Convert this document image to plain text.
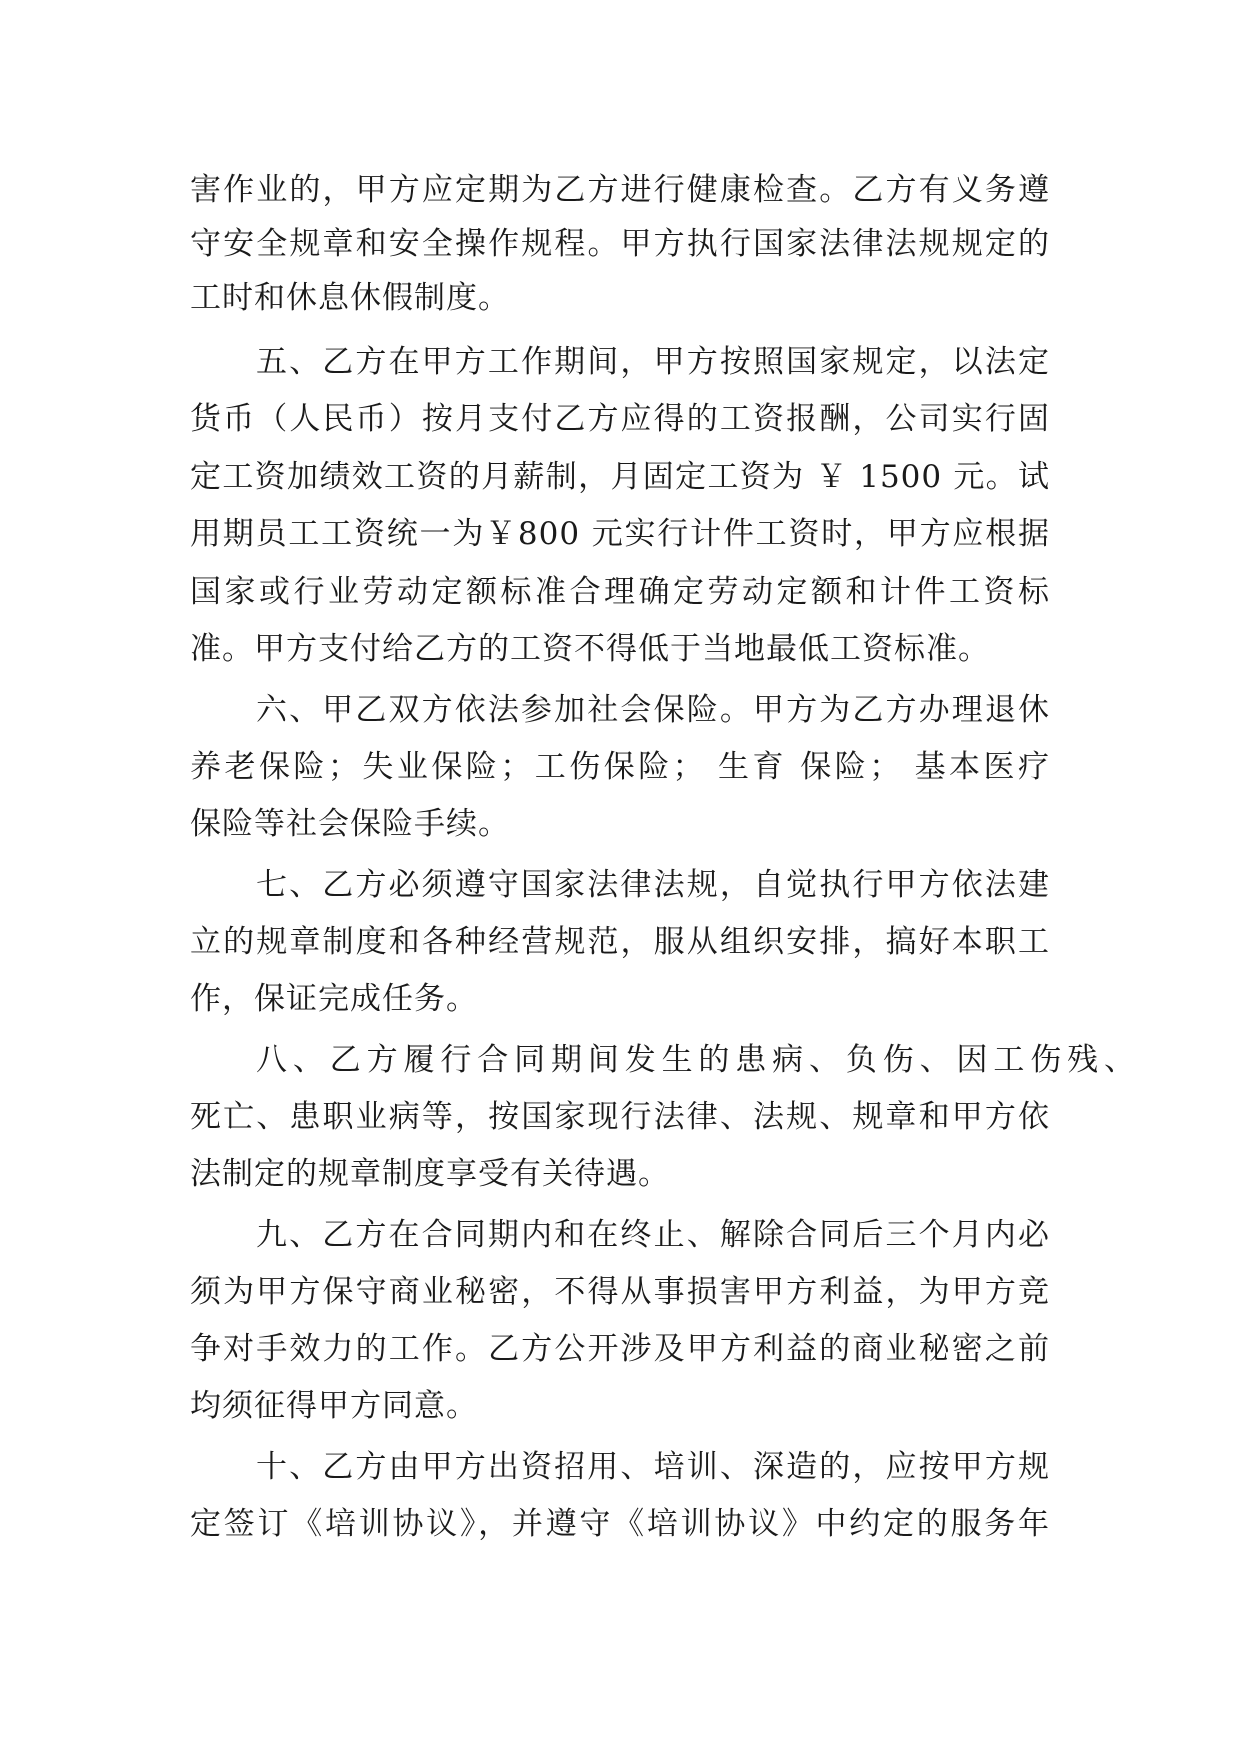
害作业的，甲方应定期为乙方进行健康检查。乙方有义务遵
守安全规章和安全操作规程。甲方执行国家法律法规规定的
工时和休息休假制度。
五、乙方在甲方工作期间，甲方按照国家规定，以法定
货币（人民币）按月支付乙方应得的工资报酬，公司实行固
定工资加绩效工资的月薪制，月固定工资为 ￥ 1500 元。试
用期员工工资统一为￥800 元实行计件工资时，甲方应根据
国家或行业劳动定额标准合理确定劳动定额和计件工资标
准。甲方支付给乙方的工资不得低于当地最低工资标准。
六、甲乙双方依法参加社会保险。甲方为乙方办理退休
养老保险；失业保险；工伤保险； 生育 保险； 基本医疗
保险等社会保险手续。
七、乙方必须遵守国家法律法规，自觉执行甲方依法建
立的规章制度和各种经营规范，服从组织安排，搞好本职工
作，保证完成任务。
八、乙方履行合同期间发生的患病、负伤、因工伤残、
死亡、患职业病等，按国家现行法律、法规、规章和甲方依
法制定的规章制度享受有关待遇。
九、乙方在合同期内和在终止、解除合同后三个月内必
须为甲方保守商业秘密，不得从事损害甲方利益，为甲方竞
争对手效力的工作。乙方公开涉及甲方利益的商业秘密之前
均须征得甲方同意。
十、乙方由甲方出资招用、培训、深造的，应按甲方规
定签订《培训协议》，并遵守《培训协议》中约定的服务年
